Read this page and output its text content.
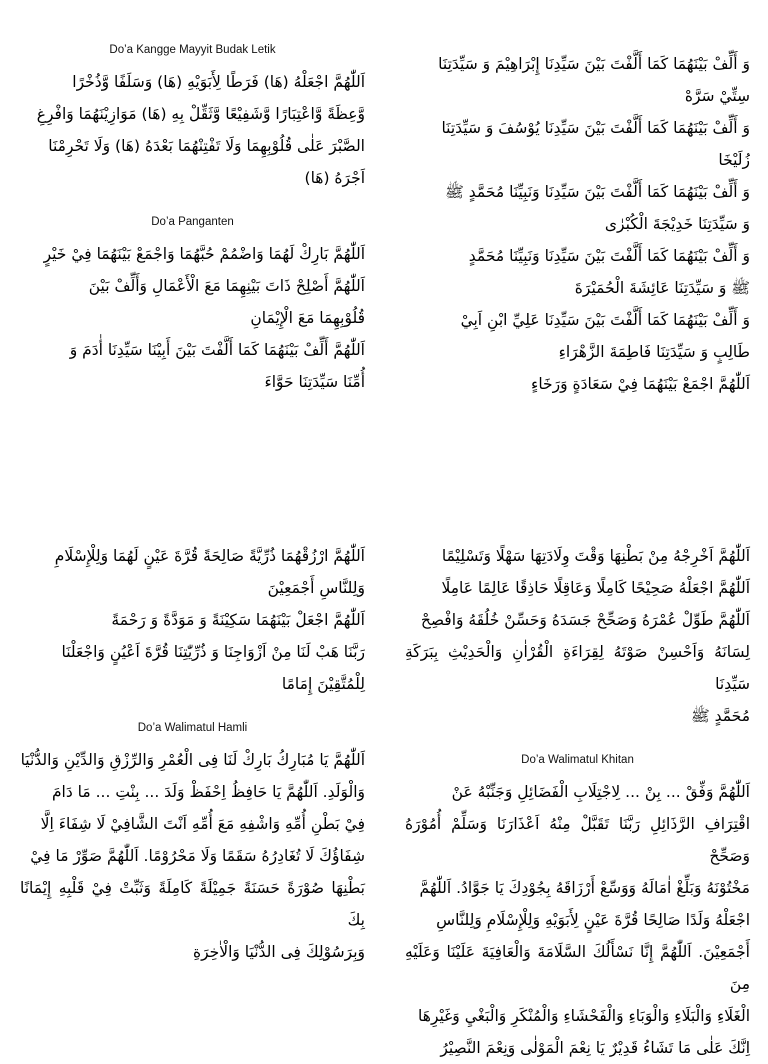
Do’a Kangge Mayyit Budak Letik

اَللّٰهُمَّ اجْعَلْهُ (هَا) فَرَطًا لِأَبَوَيْهِ (هَا) وَسَلَفًا وَّذُخْرًا

وَّعِظَةً وَّاعْتِبَارًا وَّشَفِيْعًا وَّثَقِّلْ بِهِ (هَا) مَوَازِيْنَهُمَا وَافْرِغِ

الصَّبْرَ عَلٰى قُلُوْبِهِمَا وَلَا تَفْتِنْهُمَا بَعْدَهُ (هَا) وَلَا تَحْرِمْنَا

اَجْرَهُ (هَا)

Do’a Panganten

اَللّٰهُمَّ بَارِكْ لَهُمَا وَاضْمُمْ حُبَّهُمَا وَاجْمَعْ بَيْنَهُمَا فِيْ خَيْرٍ

اَللّٰهُمَّ أَصْلِحْ ذَاتَ بَيْنِهِمَا مَعَ الْأَعْمَالِ وَأَلِّفْ بَيْنَ

قُلُوْبِهِمَا مَعَ الْإِيْمَانِ

اَللّٰهُمَّ أَلِّفْ بَيْنَهُمَا كَمَا أَلَّفْتَ بَيْنَ أَبِيْنَا سَيِّدِنَا أٰدَمَ وَ

أُمِّنَا سَيِّدَتِنَا حَوَّاءَ

وَ أَلِّفْ بَيْنَهُمَا كَمَا أَلَّفْتَ بَيْنَ سَيِّدِنَا إِبْرَاهِيْمَ وَ سَيِّدَتِنَا

سِتِّيْ سَرَّهْ

وَ أَلِّفْ بَيْنَهُمَا كَمَا أَلَّفْتَ بَيْنَ سَيِّدِنَا يُوْسُفَ وَ سَيِّدَتِنَا

زُلَيْخَا

وَ أَلِّفْ بَيْنَهُمَا كَمَا أَلَّفْتَ بَيْنَ سَيِّدِنَا وَنَبِيِّنَا مُحَمَّدٍ ﷺ

وَ سَيِّدَتِنَا خَدِيْجَةَ الْكُبْرٰى

وَ أَلِّفْ بَيْنَهُمَا كَمَا أَلَّفْتَ بَيْنَ سَيِّدِنَا وَنَبِيِّنَا مُحَمَّدٍ

ﷺ وَ سَيِّدَتِنَا عَائِشَةَ الْحُمَيْرَةَ

وَ أَلِّفْ بَيْنَهُمَا كَمَا أَلَّفْتَ بَيْنَ سَيِّدِنَا عَلِيِّ ابْنِ اَبِيْ

طَالِبٍ وَ سَيِّدَتِنَا فَاطِمَةَ الزَّهْرَاءِ

اَللّٰهُمَّ اجْمَعْ بَيْنَهُمَا فِيْ سَعَادَةٍ وَرَخَاءٍ

اَللّٰهُمَّ ارْزُقْهُمَا ذُرِّيَّةً صَالِحَةً قُرَّةَ عَيْنٍ لَهُمَا وَلِلْإِسْلَامِ

وَلِلنَّاسِ أَجْمَعِيْنَ

اَللّٰهُمَّ اجْعَلْ بَيْنَهُمَا سَكِيْنَةً وَ مَوَدَّةً وَ رَحْمَةً

رَبَّنَا هَبْ لَنَا مِنْ اَزْوَاجِنَا وَ ذُرِّيّٰتِنَا قُرَّةَ اَعْيُنٍ وَاجْعَلْنَا

لِلْمُتَّقِيْنَ إِمَامًا

Do’a Walimatul Hamli

اَللّٰهُمَّ يَا مُبَارِكُ بَارِكْ لَنَا فِى الْعُمْرِ وَالرِّزْقِ وَالدِّيْنِ وَالدُّنْيَا

وَالْوَلَدِ. اَللّٰهُمَّ يَا حَافِظُ اِحْفَظْ وَلَدَ ... بِنْتِ ... مَا دَامَ

فِيْ بَطْنِ أُمِّهِ وَاشْفِهِ مَعَ أُمِّهِ اَنْتَ الشَّافِيْ لَا شِفَاءَ اِلَّا

شِفَاؤُكَ لَا تُغَادِرُهُ سَقَمًا وَلَا مَحْرُوْمًا. اَللّٰهُمَّ صَوِّرْ مَا فِيْ

بَطْنِهَا صُوْرَةً حَسَنَةً جَمِيْلَةً كَامِلَةً وَثَبِّتْ فِيْ قَلْبِهِ إِيْمَانًا بِكَ

وَبِرَسُوْلِكَ فِى الدُّنْيَا وَالْاٰخِرَةِ

اَللّٰهُمَّ اَخْرِجْهُ مِنْ بَطْنِهَا وَقْتَ وِلَادَتِهَا سَهْلًا وَتَسْلِيْمًا

اَللّٰهُمَّ اجْعَلْهُ صَحِيْحًا كَامِلًا وَعَاقِلًا حَاذِقًا عَالِمًا عَامِلًا

اَللّٰهُمَّ طَوِّلْ عُمْرَهُ وَصَحِّحْ جَسَدَهُ وَحَسِّنْ خُلُقَهُ وَافْصِحْ

لِسَانَهُ وَاَحْسِنْ صَوْتَهُ لِقِرَاءَةِ الْقُرْاٰنِ وَالْحَدِيْثِ بِبَرَكَةِ سَيِّدِنَا

مُحَمَّدٍ ﷺ

Do’a Walimatul Khitan

اَللّٰهُمَّ وَفِّقْ ... بِنْ ... لِاجْتِلَابِ الْفَضَائِلِ وَجَنِّبْهُ عَنْ

اقْتِرَافِ الرَّذَائِلِ رَبَّنَا تَقَبَّلْ مِنْهُ اَعْذَارَنَا وَسَلِّمْ أُمُوْرَهُ وَصَحِّحْ

مَخْتُوْنَهُ وَبَلِّغْ اٰمَالَهُ وَوَسِّعْ أَرْزَاقَهُ بِجُوْدِكَ يَا جَوَّادُ. اَللّٰهُمَّ

اجْعَلْهُ وَلَدًا صَالِحًا قُرَّةَ عَيْنٍ لِأَبَوَيْهِ وَلِلْإِسْلَامِ وَلِلنَّاسِ

أَجْمَعِيْنَ. اَللّٰهُمَّ إِنَّا نَسْأَلُكَ السَّلَامَةَ وَالْعَافِيَةَ عَلَيْنَا وَعَلَيْهِ مِنَ

الْغَلَاءِ وَالْبَلَاءِ وَالْوَبَاءِ وَالْفَحْشَاءِ وَالْمُنْكَرِ وَالْبَغْيِ وَغَيْرِهَا

اِنَّكَ عَلٰى مَا تَشَاءُ قَدِيْرٌ يَا نِعْمَ الْمَوْلٰى وَنِعْمَ النَّصِيْرُ
